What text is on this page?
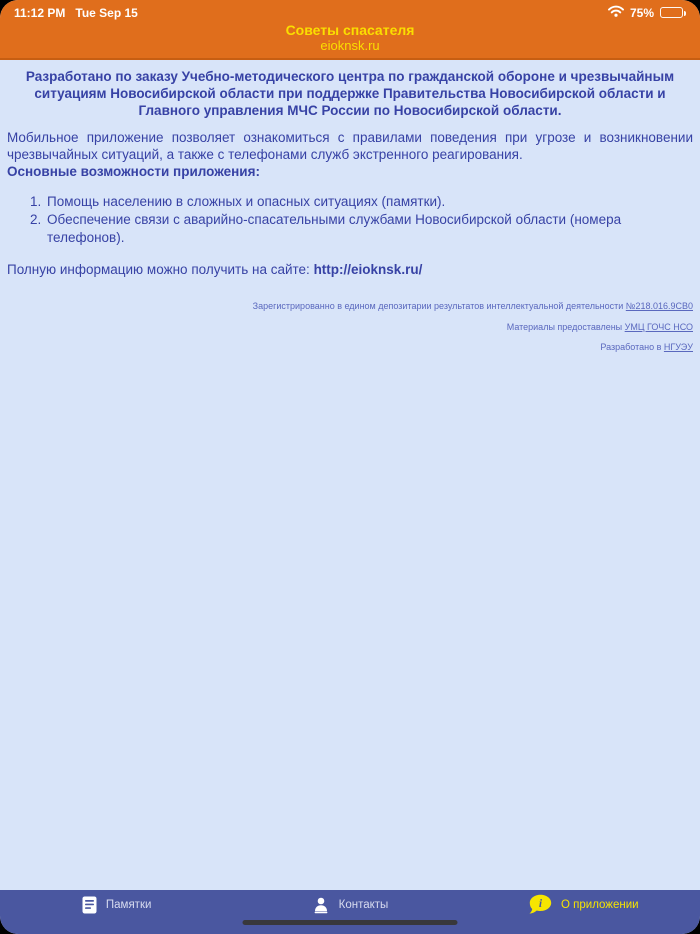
11:12 PM Tue Sep 15	75%
Советы спасателя
eioknsk.ru

Разработано по заказу Учебно-методического центра по гражданской обороне и чрезвычайным ситуациям Новосибирской области при поддержке Правительства Новосибирской области и Главного управления МЧС России по Новосибирской области.

Мобильное приложение позволяет ознакомиться с правилами поведения при угрозе и возникновении чрезвычайных ситуаций, а также с телефонами служб экстренного реагирования.

Основные возможности приложения:

1. Помощь населению в сложных и опасных ситуациях (памятки).
2. Обеспечение связи с аварийно-спасательными службами Новосибирской области (номера телефонов).

Полную информацию можно получить на сайте: http://eioknsk.ru/

Зарегистрированно в едином депозитарии результатов интеллектуальной деятельности №218.016.9СВ0
Материалы предоставлены УМЦ ГОЧС НСО
Разработано в НГУЭУ
Памятки	Контакты	i О приложении
